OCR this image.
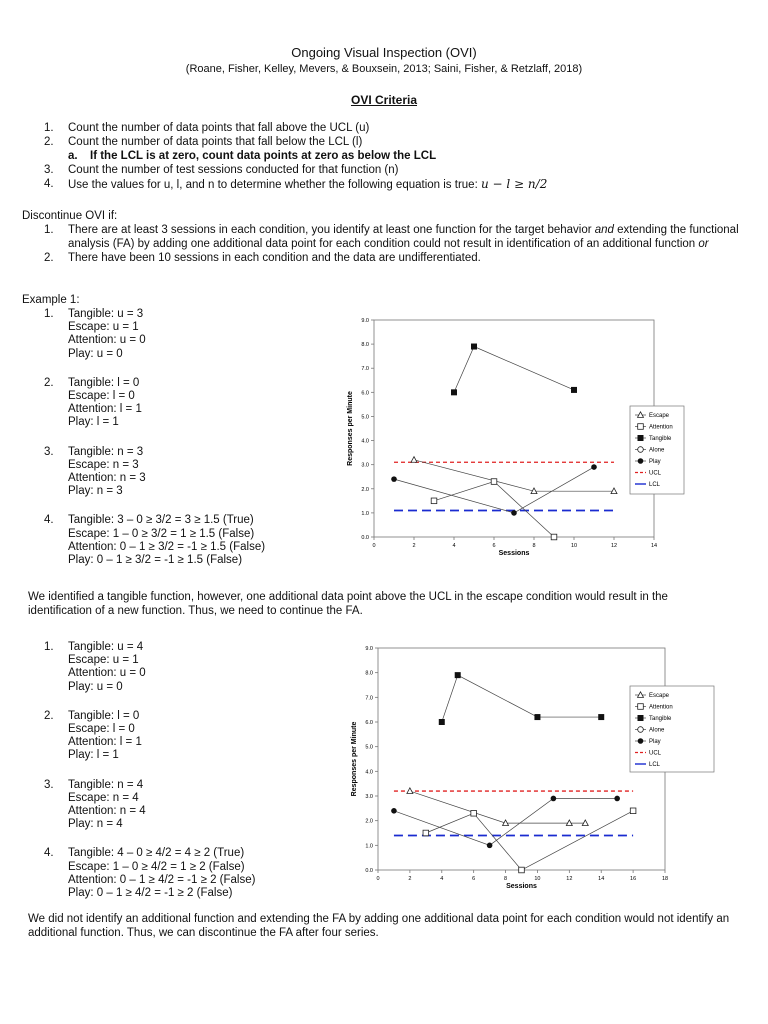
Ongoing Visual Inspection (OVI)
(Roane, Fisher, Kelley, Mevers, & Bouxsein, 2013; Saini, Fisher, & Retzlaff, 2018)
OVI Criteria
1. Count the number of data points that fall above the UCL (u)
2. Count the number of data points that fall below the LCL (l)
a. If the LCL is at zero, count data points at zero as below the LCL
3. Count the number of test sessions conducted for that function (n)
4. Use the values for u, l, and n to determine whether the following equation is true: u − l ≥ n/2
Discontinue OVI if:
1. There are at least 3 sessions in each condition, you identify at least one function for the target behavior and extending the functional analysis (FA) by adding one additional data point for each condition could not result in identification of an additional function or
2. There have been 10 sessions in each condition and the data are undifferentiated.
Example 1:
1. Tangible: u = 3
Escape: u = 1
Attention: u = 0
Play: u = 0
2. Tangible: l = 0
Escape: l = 0
Attention: l = 1
Play: l = 1
3. Tangible: n = 3
Escape: n = 3
Attention: n = 3
Play: n = 3
4. Tangible: 3 – 0 ≥ 3/2 = 3 ≥ 1.5 (True)
Escape: 1 – 0 ≥ 3/2 = 1 ≥ 1.5 (False)
Attention: 0 – 1 ≥ 3/2 = -1 ≥ 1.5 (False)
Play: 0 – 1 ≥ 3/2 = -1 ≥ 1.5 (False)
We identified a tangible function, however, one additional data point above the UCL in the escape condition would result in the identification of a new function. Thus, we need to continue the FA.
1. Tangible: u = 4
Escape: u = 1
Attention: u = 0
Play: u = 0
2. Tangible: l = 0
Escape: l = 0
Attention: l = 1
Play: l = 1
3. Tangible: n = 4
Escape: n = 4
Attention: n = 4
Play: n = 4
4. Tangible: 4 – 0 ≥ 4/2 = 4 ≥ 2 (True)
Escape: 1 – 0 ≥ 4/2 = 1 ≥ 2 (False)
Attention: 0 – 1 ≥ 4/2 = -1 ≥ 2 (False)
Play: 0 – 1 ≥ 4/2 = -1 ≥ 2 (False)
We did not identify an additional function and extending the FA by adding one additional data point for each condition would not identify an additional function. Thus, we can discontinue the FA after four series.
0.0
1.0
2.0
3.0
4.0
5.0
6.0
7.0
8.0
9.0
0	2	4	6	8	10	12	14
Sessions
Responses per Minute	Escape
Attention
Tangible
Alone
Play
UCL
LCL
0.0
1.0
2.0
3.0
4.0
5.0
6.0
7.0
8.0
9.0
0	2	4	6	8	10	12	14	16	18
Sessions
Responses per Minute
Escape
Attention
Tangible
Alone
Play
UCL
LCL
